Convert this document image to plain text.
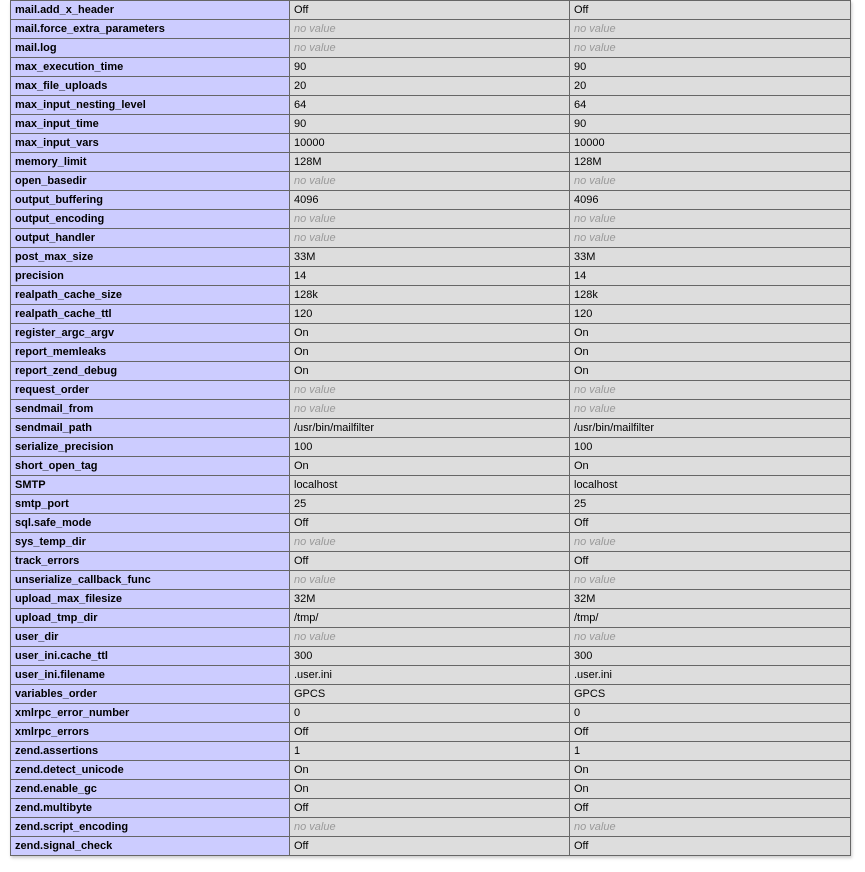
mail.add_x_header	Off	Off
mail.force_extra_parameters	no value	no value
mail.log	no value	no value
max_execution_time	90	90
max_file_uploads	20	20
max_input_nesting_level	64	64
max_input_time	90	90
max_input_vars	10000	10000
memory_limit	128M	128M
open_basedir	no value	no value
output_buffering	4096	4096
output_encoding	no value	no value
output_handler	no value	no value
post_max_size	33M	33M
precision	14	14
realpath_cache_size	128k	128k
realpath_cache_ttl	120	120
register_argc_argv	On	On
report_memleaks	On	On
report_zend_debug	On	On
request_order	no value	no value
sendmail_from	no value	no value
sendmail_path	/usr/bin/mailfilter	/usr/bin/mailfilter
serialize_precision	100	100
short_open_tag	On	On
SMTP	localhost	localhost
smtp_port	25	25
sql.safe_mode	Off	Off
sys_temp_dir	no value	no value
track_errors	Off	Off
unserialize_callback_func	no value	no value
upload_max_filesize	32M	32M
upload_tmp_dir	/tmp/	/tmp/
user_dir	no value	no value
user_ini.cache_ttl	300	300
user_ini.filename	.user.ini	.user.ini
variables_order	GPCS	GPCS
xmlrpc_error_number	0	0
xmlrpc_errors	Off	Off
zend.assertions	1	1
zend.detect_unicode	On	On
zend.enable_gc	On	On
zend.multibyte	Off	Off
zend.script_encoding	no value	no value
zend.signal_check	Off	Off
